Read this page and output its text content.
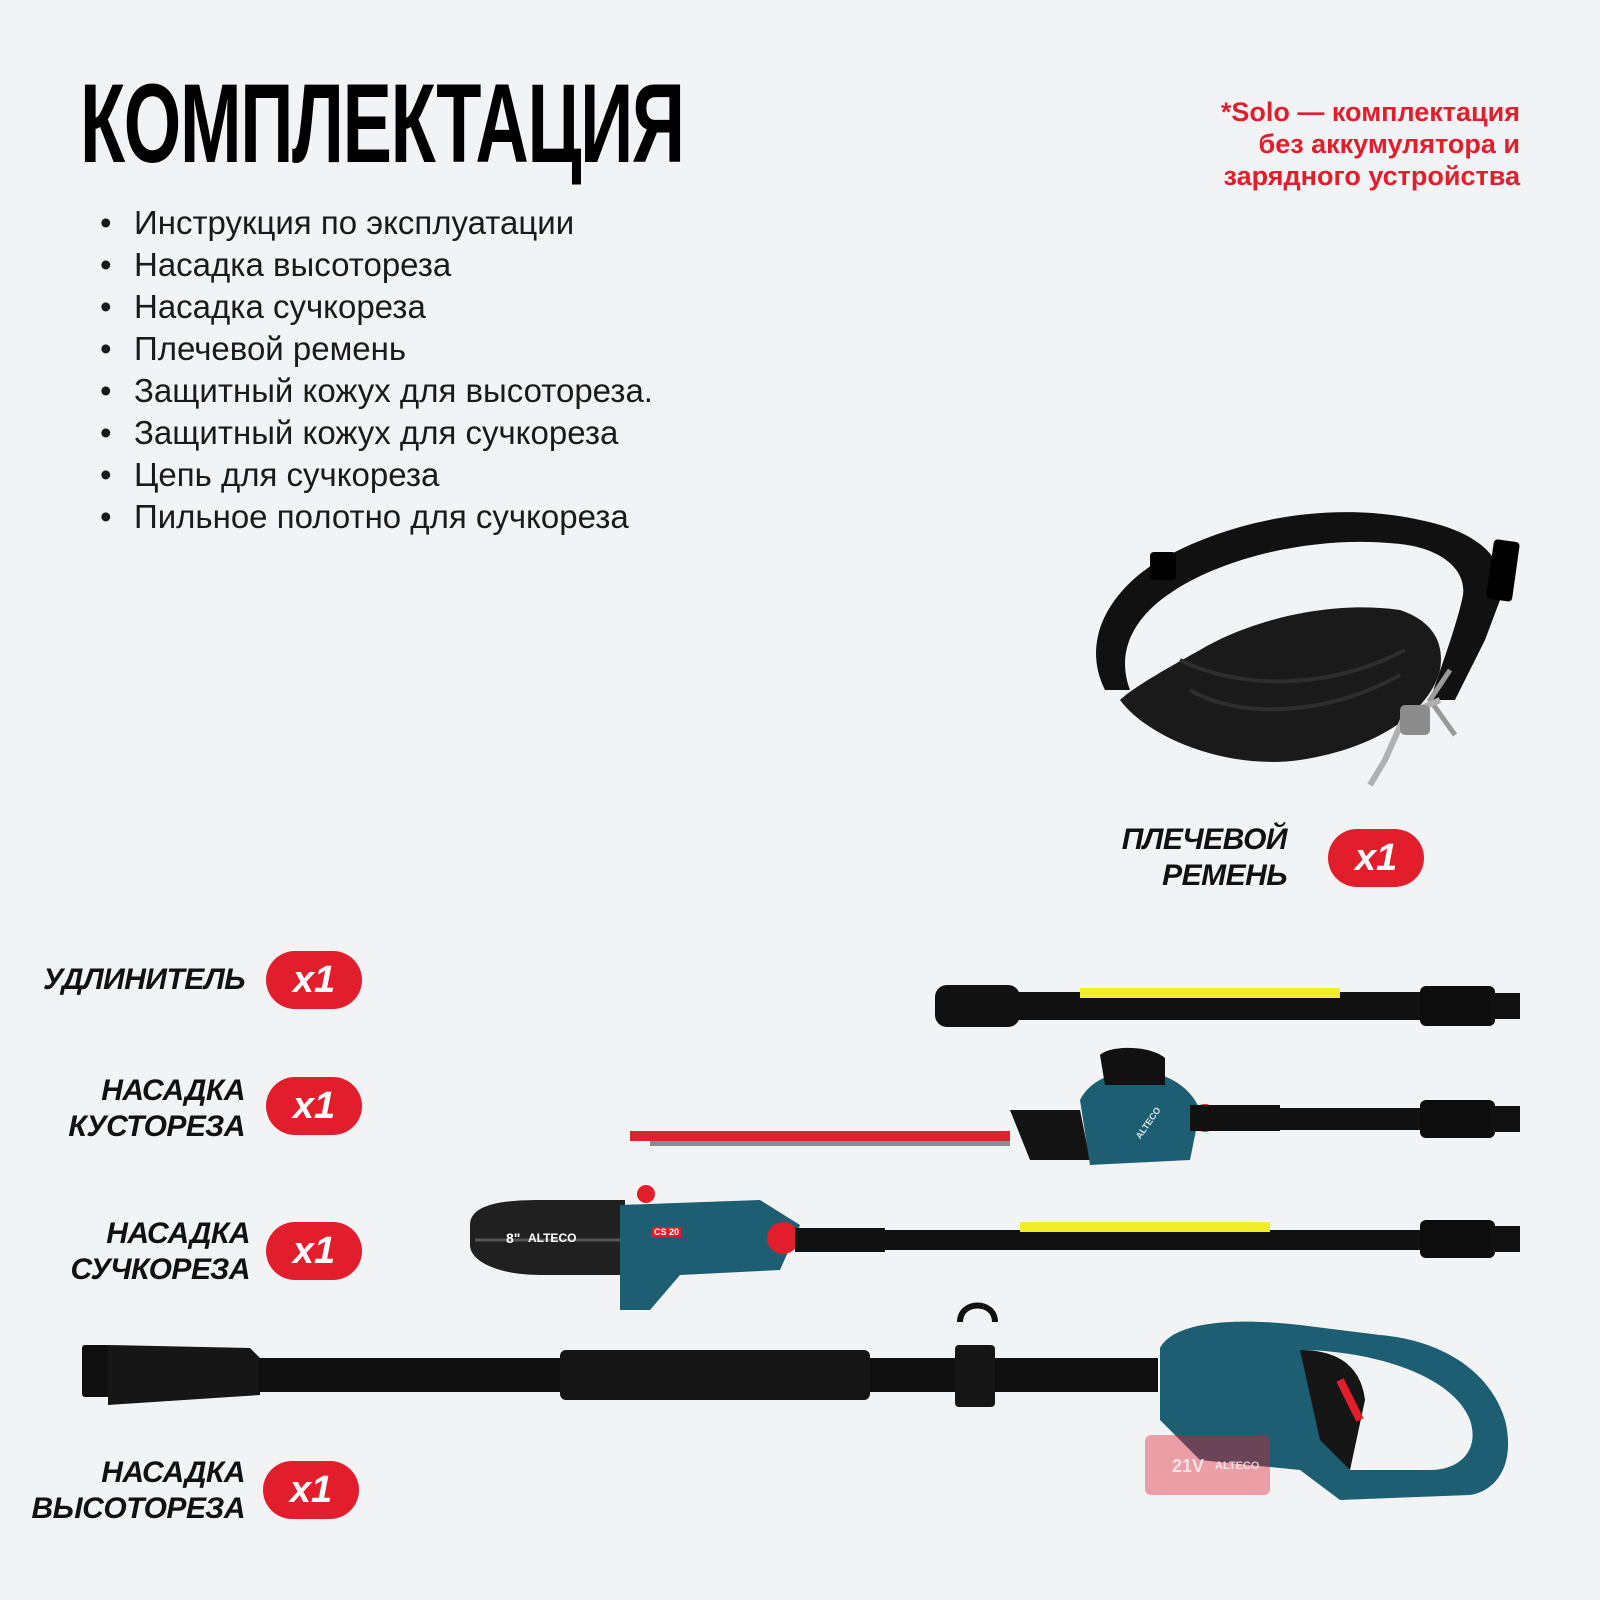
КОМПЛЕКТАЦИЯ	*Solo — комплектация
без аккумулятора и
зарядного устройства
• Инструкция по эксплуатации
• Насадка высотореза
• Насадка сучкореза
• Плечевой ремень
• Защитный кожух для высотореза.
• Защитный кожух для сучкореза
• Цепь для сучкореза
• Пильное полотно для сучкореза
8" ALTECO	CS 20
ALTECO
21V ALTECO
ПЛЕЧЕВОЙ
РЕМЕНЬ	x1
УДЛИНИТЕЛЬ	x1
НАСАДКА
КУСТОРЕЗА	x1
НАСАДКА
СУЧКОРЕЗА	x1
НАСАДКА
ВЫСОТОРЕЗА	x1
